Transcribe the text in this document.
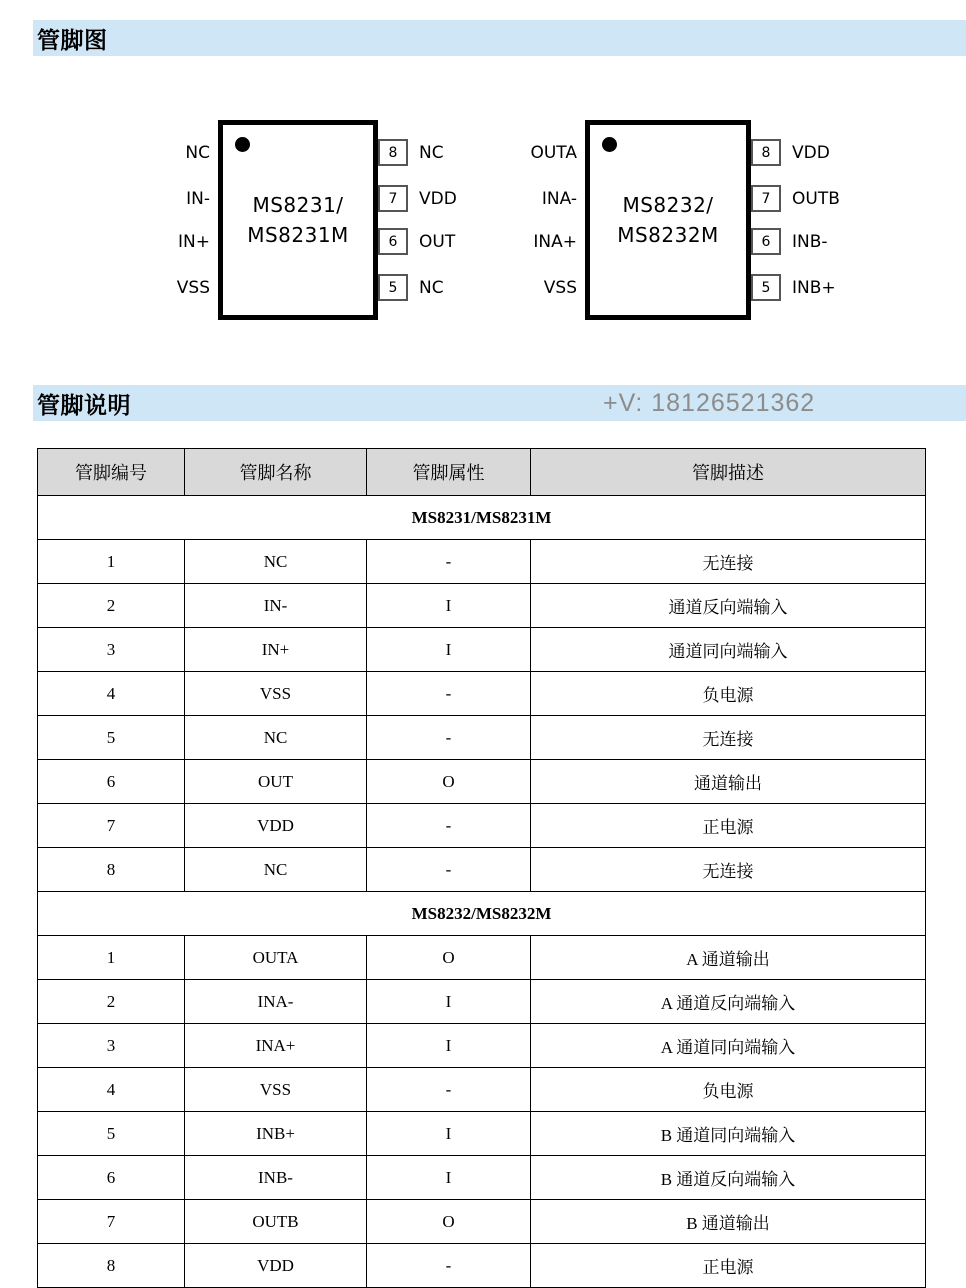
管脚图
MS8231/
MS8231M
NC
IN-
IN+
VSS
8	NC
7	VDD
6	OUT
5	NC
MS8232/
MS8232M
OUTA
INA-
INA+
VSS
8	VDD
7	OUTB
6	INB-
5	INB+
管脚说明	+V: 18126521362
管脚编号	管脚名称	管脚属性	管脚描述
MS8231/MS8231M			
1	NC	-	无连接
2	IN-	I	通道反向端输入
3	IN+	I	通道同向端输入
4	VSS	-	负电源
5	NC	-	无连接
6	OUT	O	通道输出
7	VDD	-	正电源
8	NC	-	无连接
MS8232/MS8232M			
1	OUTA	O	A 通道输出
2	INA-	I	A 通道反向端输入
3	INA+	I	A 通道同向端输入
4	VSS	-	负电源
5	INB+	I	B 通道同向端输入
6	INB-	I	B 通道反向端输入
7	OUTB	O	B 通道输出
8	VDD	-	正电源
